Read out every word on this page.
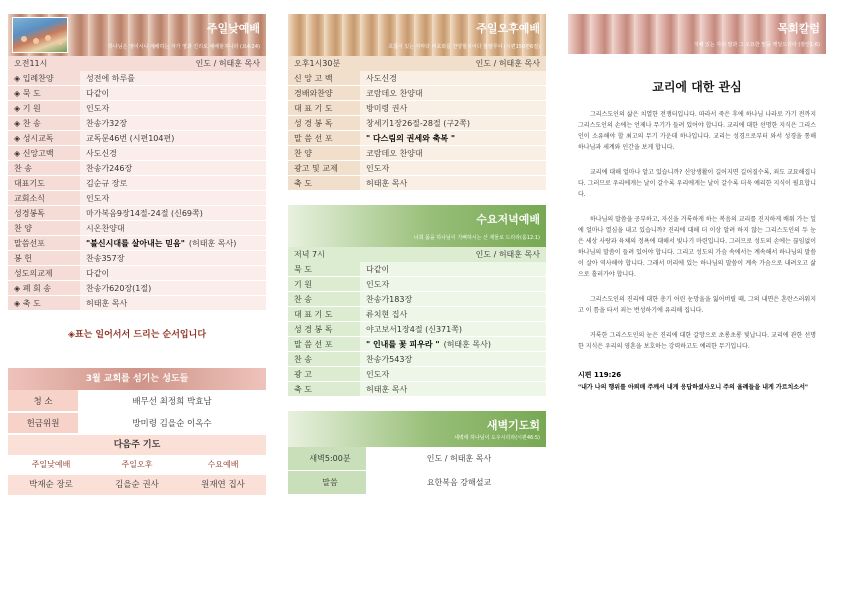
주일낮예배
하나님은 영이시니 예배하는 자가 영과 진리로 예배할지니라 (요4:24)
오전11시	인도 / 허태훈 목사
◈ 입례찬양	성전에 하루를
◈ 묵 도	다같이
◈ 기 원	인도자
◈ 찬 송	찬송가32장
◈ 성시교독	교독문46번 (시편104편)
◈ 신앙고백	사도신경
찬 송	찬송가246장
대표기도	김순규 장로
교회소식	인도자
성경봉독	마가복음9장14절-24절 (신69쪽)
찬 양	시온찬양대
말씀선포	"불신시대를 살아내는 믿음" (허태훈 목사)
봉 헌	찬송357장
성도의교제	다같이
◈ 폐 회 송	찬송가620장(1절)
◈ 축 도	허태훈 목사
◈표는 일어서서 드리는 순서입니다
3월 교회를 섬기는 성도들
청 소	배무선 최정희 박효남
헌금위원	방미령 김을순 이옥수
다음주 기도
주일낮예배	주일오후	수요예배
박재순 장로	김을순 권사	원재연 집사
주일오후예배
호흡이 있는 자마다 여호와를 찬양할지어다 할렐루야 (시편150편6절)
오후1시30분	인도 / 허태훈 목사
신 앙 고 백	사도신경
경배와찬양	코람데오 찬양대
대 표 기 도	방미령 권사
성 경 봉 독	창세기1장26절-28절 (구2쪽)
말 씀 선 포	" 다스림의 권세와 축복 "
찬 양	코람데오 찬양대
광고 및 교제	인도자
축 도	허태훈 목사
수요저녁예배
너희 몸을 하나님이 기뻐하시는 산 제물로 드리라(롬12:1)
저녁 7시	인도 / 허태훈 목사
묵 도	다같이
기 원	인도자
찬 송	찬송가183장
대 표 기 도	류치현 집사
성 경 봉 독	야고보서1장4절 (신371쪽)
말 씀 선 포	" 인내를 꽃 피우라 " (허태훈 목사)
찬 송	찬송가543장
광 고	인도자
축 도	허태훈 목사
새벽기도회
새벽에 하나님이 도우시리라(시편46:5)
새벽5:00분	인도 / 허태훈 목사
말씀	요한복음 강해설교
목회칼럼
지혜 있는 자의 말과 그 오묘한 말을 깨달으리라 (잠언1:6)
교리에 대한 관심

그리스도인의 삶은 치열한 전쟁터입니다. 따라서 죽은 후에 하나님 나라로 가기 전까지 그리스도인의 손에는 언제나 무기가 들려 있어야 합니다. 교리에 대한 선명한 지식은 그리스인이 소유해야 할 최고의 무기 가운데 하나입니다. 교리는 성경으로부터 와서 성경을 통해 하나님과 세계와 인간을 보게 합니다.

교리에 대해 얼마나 알고 있습니까? 신앙생활이 길어지면 길어질수록, 죄도 교묘해집니다. 그러므로 우리에게는 날이 갈수록 우리에게는 날이 갈수록 더욱 예리한 지식이 필요합니다.

하나님의 말씀을 공부하고, 자신을 거룩하게 하는 복음의 교리를 진지하게 배워 가는 일에 얼마나 열심을 내고 있습니까? 진리에 대해 더 이상 알려 하지 않는 그리스도인의 두 눈은 세상 사랑과 육체의 정욕에 대해서 빛나기 마련입니다. 그러므로 성도의 손에는 끊임없이 하나님의 말씀이 들려 있어야 합니다. 그리고 성도의 가슴 속에서는 계속해서 하나님의 말씀이 살아 역사해야 합니다. 그래서 머리에 있는 하나님의 말씀이 계속 가슴으로 내려오고 삶으로 흘러가야 합니다.

그리스도인의 진리에 대한 총기 어린 눈망울을 잃어버릴 때, 그의 내면은 혼란스러워지고 이 틈을 타서 죄는 번성하기에 유리해 집니다.

거룩한 그리스도인의 눈은 진리에 대한 갈망으로 초롱초롱 빛납니다. 교리에 관한 선명한 지식은 우리의 영혼을 보호하는 강력하고도 예리한 무기입니다.

시편 119:26
"내가 나의 행위를 아뢰매 주께서 내게 응답하셨사오니 주의 율례들을 내게 가르치소서"
